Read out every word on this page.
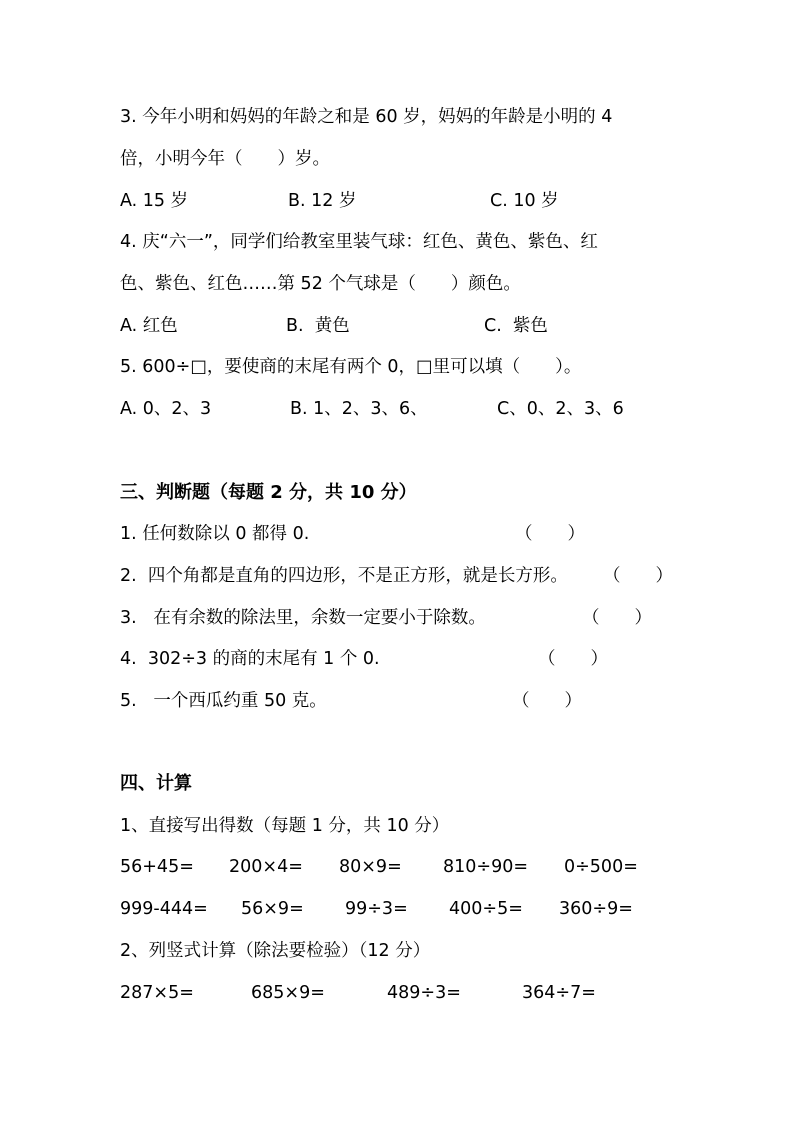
3. 今年小明和妈妈的年龄之和是 60 岁，妈妈的年龄是小明的 4
倍，小明今年（　　）岁。
A. 15 岁	B. 12 岁	C. 10 岁
4. 庆“六一”，同学们给教室里装气球：红色、黄色、紫色、红
色、紫色、红色……第 52 个气球是（　　）颜色。
A. 红色	B.  黄色	C.  紫色
5. 600÷□，要使商的末尾有两个 0，□里可以填（　　）。
A. 0、2、3	B. 1、2、3、6、	C、0、2、3、6
三、判断题（每题 2 分，共 10 分）
1. 任何数除以 0 都得 0.	（　　）
2.  四个角都是直角的四边形，不是正方形，就是长方形。 （　　）
3.   在有余数的除法里，余数一定要小于除数。	（　　）
4.  302÷3 的商的末尾有 1 个 0.	（　　）
5.   一个西瓜约重 50 克。	（　　）
四、计算
1、直接写出得数（每题 1 分，共 10 分）
56+45= 200×4= 80×9= 810÷90= 0÷500=
999-444= 56×9= 99÷3= 400÷5= 360÷9=
2、列竖式计算（除法要检验）（12 分）
287×5=	685×9=	489÷3=	364÷7=
